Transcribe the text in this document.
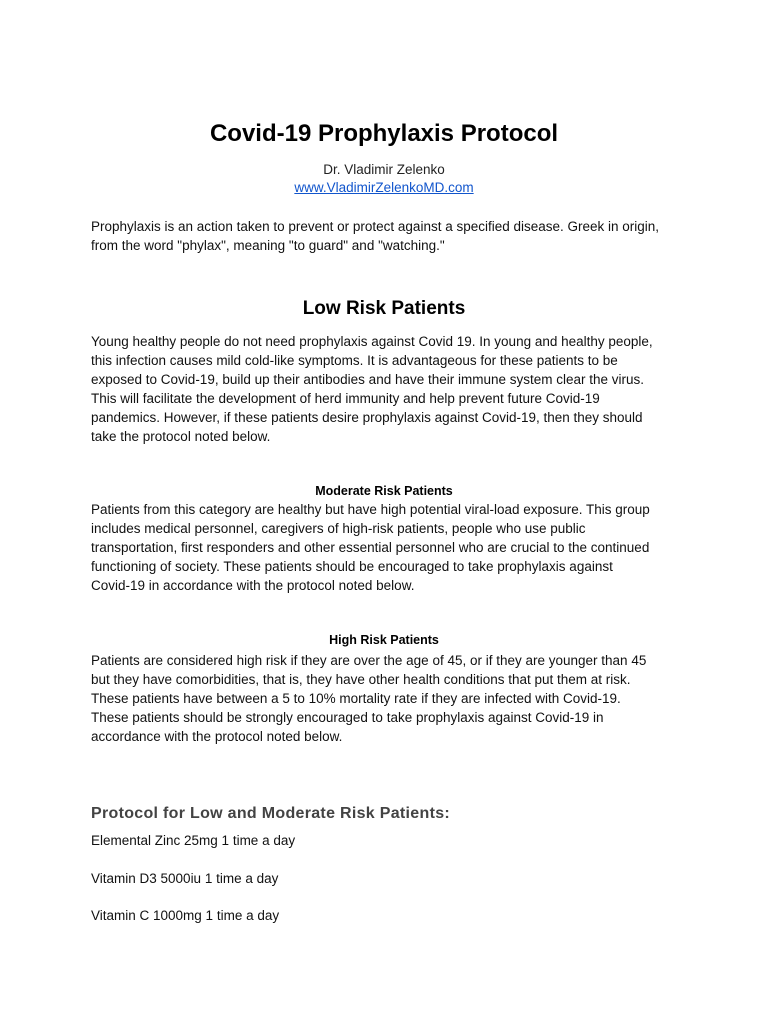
Covid-19 Prophylaxis Protocol
Dr. Vladimir Zelenko
www.VladimirZelenkoMD.com
Prophylaxis is an action taken to prevent or protect against a specified disease. Greek in origin,
from the word "phylax", meaning "to guard" and "watching."
Low Risk Patients
Young healthy people do not need prophylaxis against Covid 19. In young and healthy people,
this infection causes mild cold-like symptoms. It is advantageous for these patients to be
exposed to Covid-19, build up their antibodies and have their immune system clear the virus.
This will facilitate the development of herd immunity and help prevent future Covid-19
pandemics. However, if these patients desire prophylaxis against Covid-19, then they should
take the protocol noted below.
Moderate Risk Patients
Patients from this category are healthy but have high potential viral-load exposure. This group
includes medical personnel, caregivers of high-risk patients, people who use public
transportation, first responders and other essential personnel who are crucial to the continued
functioning of society. These patients should be encouraged to take prophylaxis against
Covid-19 in accordance with the protocol noted below.
High Risk Patients
Patients are considered high risk if they are over the age of 45, or if they are younger than 45
but they have comorbidities, that is, they have other health conditions that put them at risk.
These patients have between a 5 to 10% mortality rate if they are infected with Covid-19.
These patients should be strongly encouraged to take prophylaxis against Covid-19 in
accordance with the protocol noted below.
Protocol for Low and Moderate Risk Patients:
Elemental Zinc 25mg 1 time a day
Vitamin D3 5000iu 1 time a day
Vitamin C 1000mg 1 time a day
